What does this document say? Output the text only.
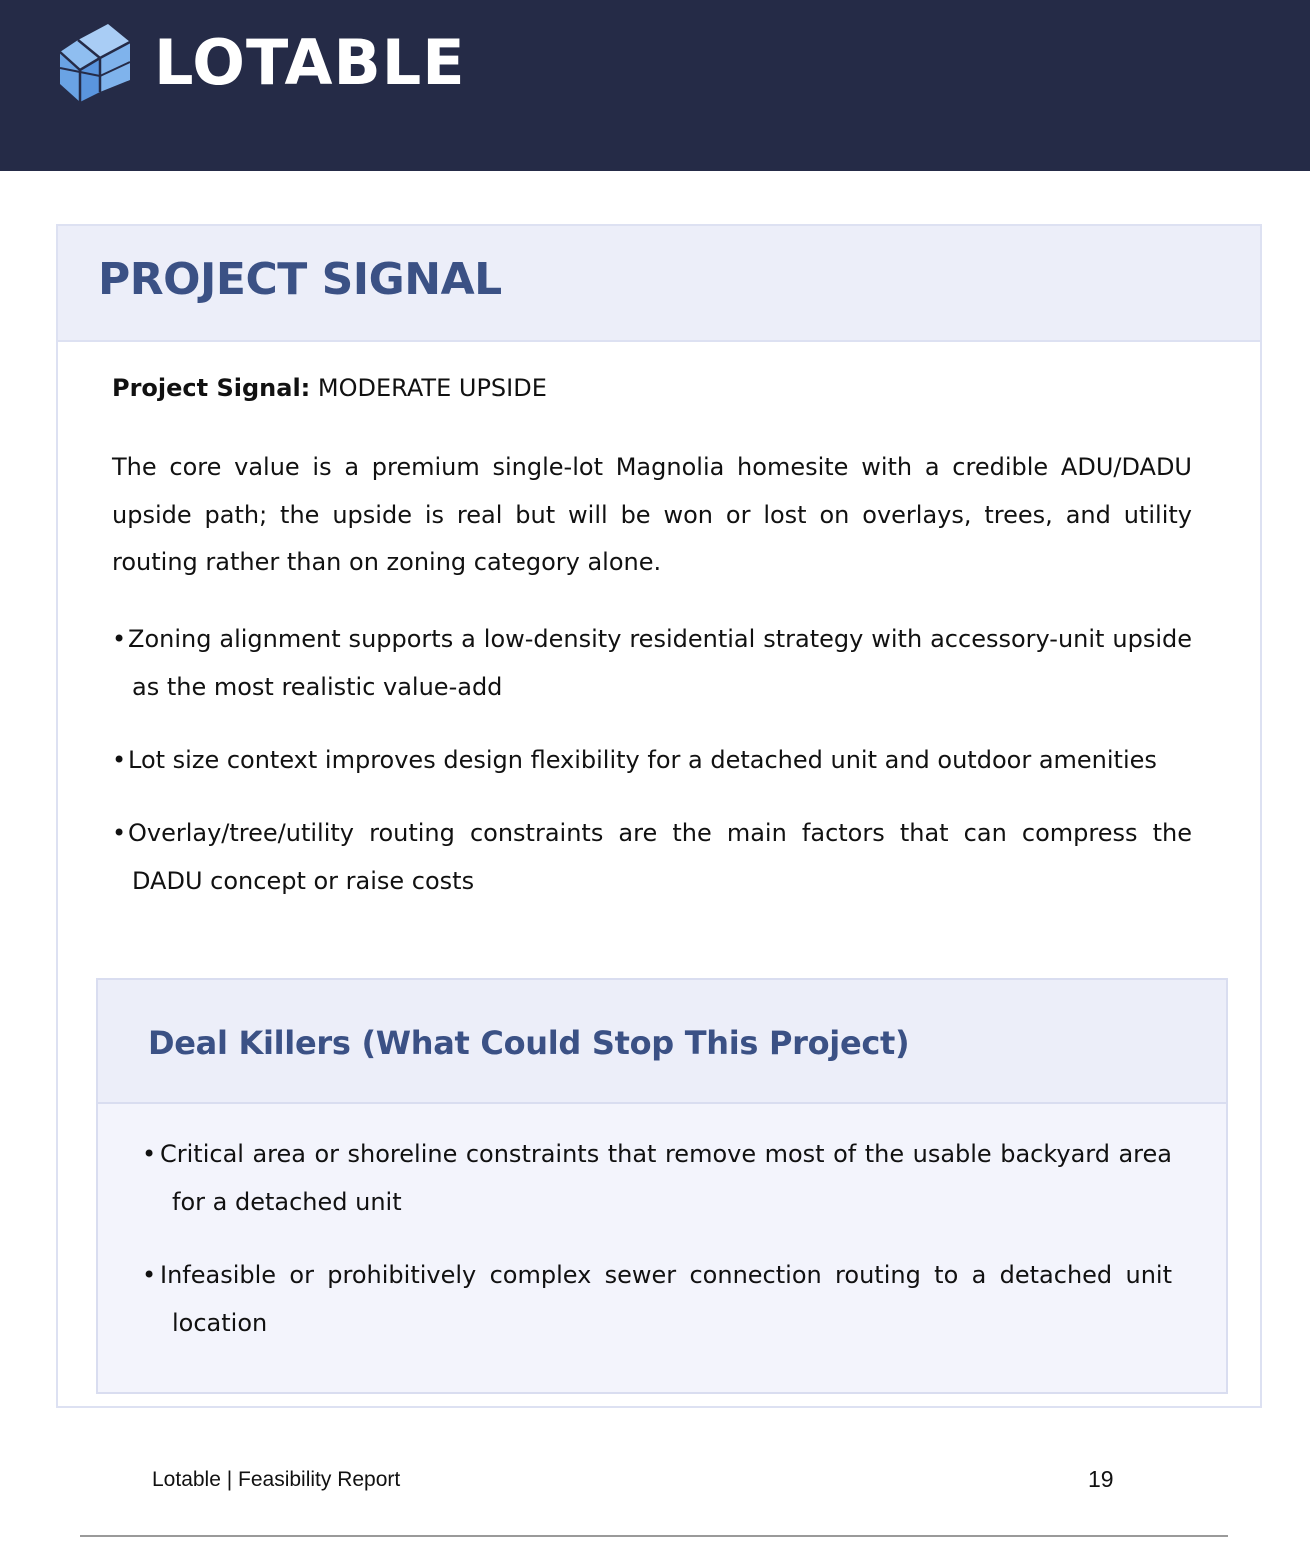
LOTABLE
PROJECT SIGNAL

Project Signal: MODERATE UPSIDE

The core value is a premium single-lot Magnolia homesite with a credible ADU/DADU upside path; the upside is real but will be won or lost on overlays, trees, and utility routing rather than on zoning category alone.

•Zoning alignment supports a low-density residential strategy with accessory-unit upside as the most realistic value-add
•Lot size context improves design flexibility for a detached unit and outdoor amenities
•Overlay/tree/utility routing constraints are the main factors that can compress the DADU concept or raise costs
Deal Killers (What Could Stop This Project)
• Critical area or shoreline constraints that remove most of the usable backyard area for a detached unit
• Infeasible or prohibitively complex sewer connection routing to a detached unit location
Lotable | Feasibility Report	19
